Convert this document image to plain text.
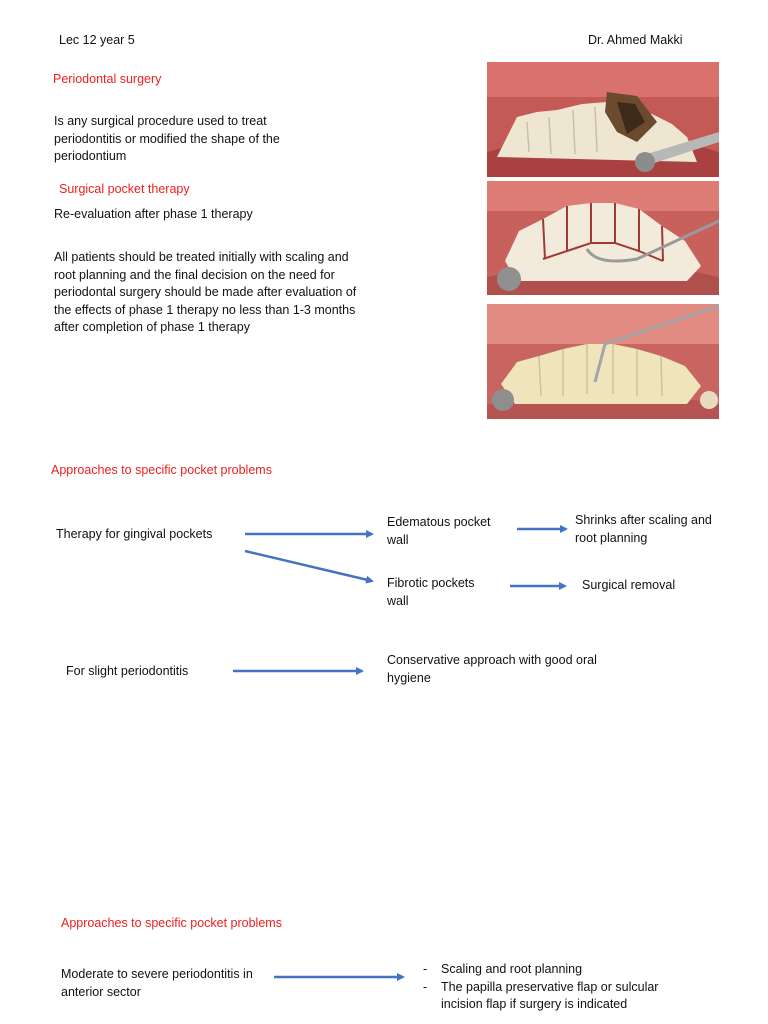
Lec 12 year 5	Dr. Ahmed Makki
Periodontal surgery
Is any surgical procedure used to treat periodontitis or modified the shape of the periodontium
Surgical pocket therapy
Re-evaluation after phase 1 therapy
All patients should be treated initially with scaling and root planning and the final decision on the need for periodontal surgery should be made after evaluation of the effects of phase 1 therapy no less than 1-3 months after completion of phase 1 therapy
Approaches to specific pocket problems
Therapy for gingival pockets
Edematous pocket wall
Shrinks after scaling and root planning
Fibrotic pockets wall
Surgical removal
For slight periodontitis
Conservative approach with good oral hygiene
Approaches to specific pocket problems
Moderate to severe periodontitis in anterior sector
- Scaling and root planning
- The papilla preservative flap or sulcular incision flap if surgery is indicated
